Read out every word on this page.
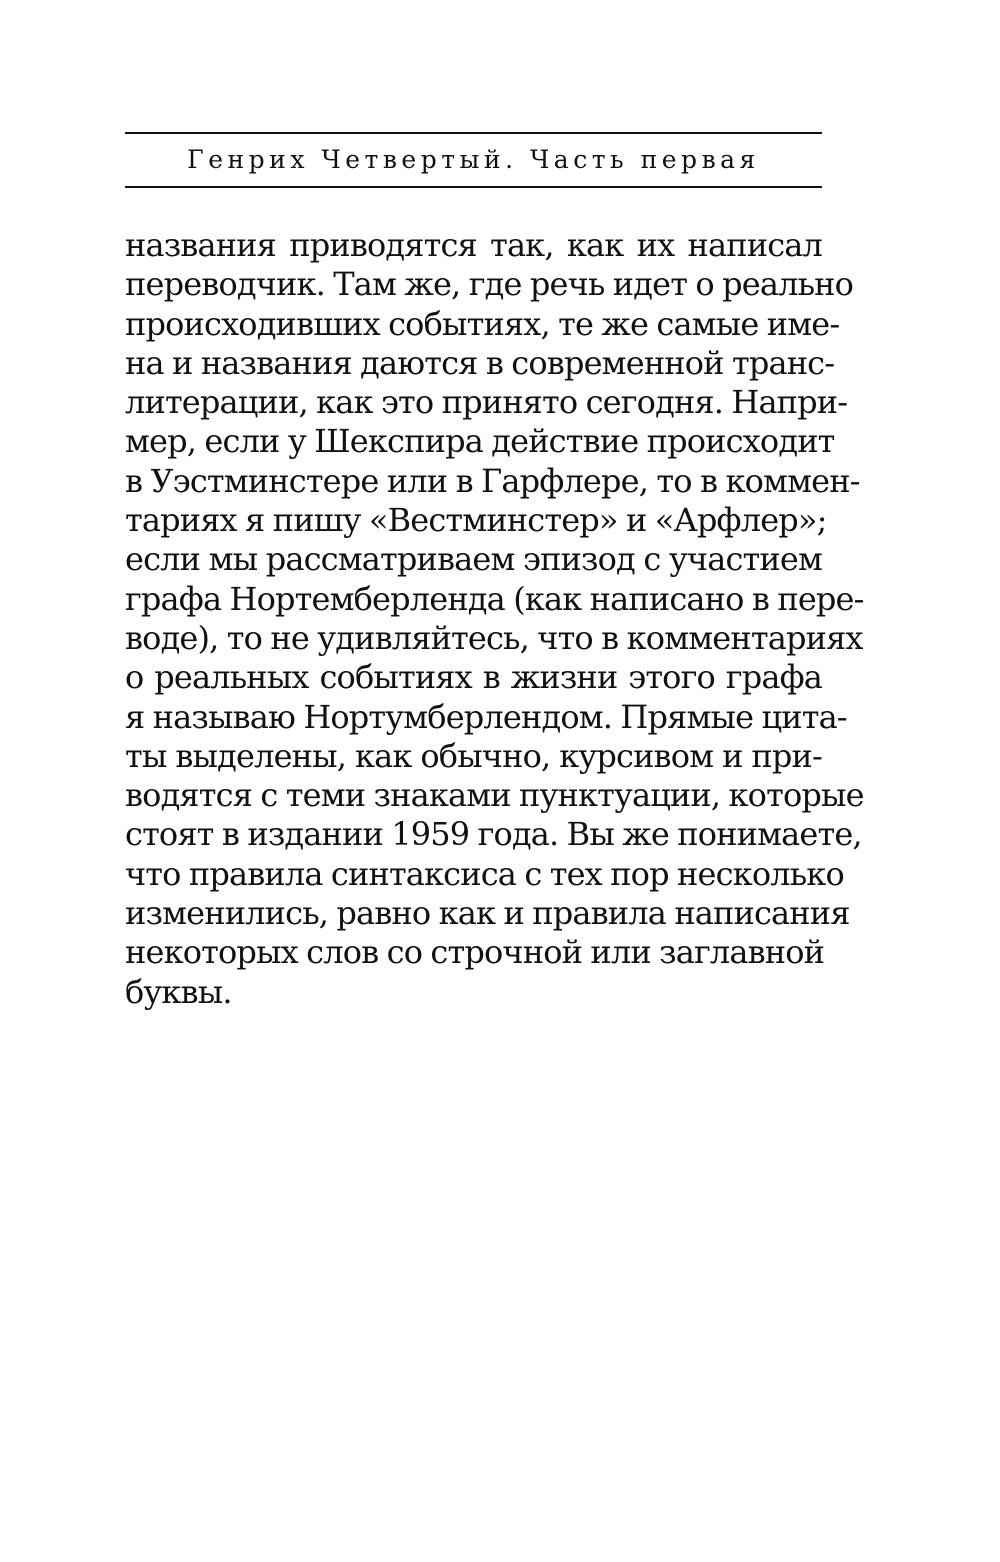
Генрих Четвертый. Часть первая
названия приводятся так, как их написал
переводчик. Там же, где речь идет о реально
происходивших событиях, те же самые име-
на и названия даются в современной транс-
литерации, как это принято сегодня. Напри-
мер, если у Шекспира действие происходит
в Уэстминстере или в Гарфлере, то в коммен-
тариях я пишу «Вестминстер» и «Арфлер»;
если мы рассматриваем эпизод с участием
графа Нортемберленда (как написано в пере-
воде), то не удивляйтесь, что в комментариях
о реальных событиях в жизни этого графа
я называю Нортумберлендом. Прямые цита-
ты выделены, как обычно, курсивом и при-
водятся с теми знаками пунктуации, которые
стоят в издании 1959 года. Вы же понимаете,
что правила синтаксиса с тех пор несколько
изменились, равно как и правила написания
некоторых слов со строчной или заглавной
буквы.
